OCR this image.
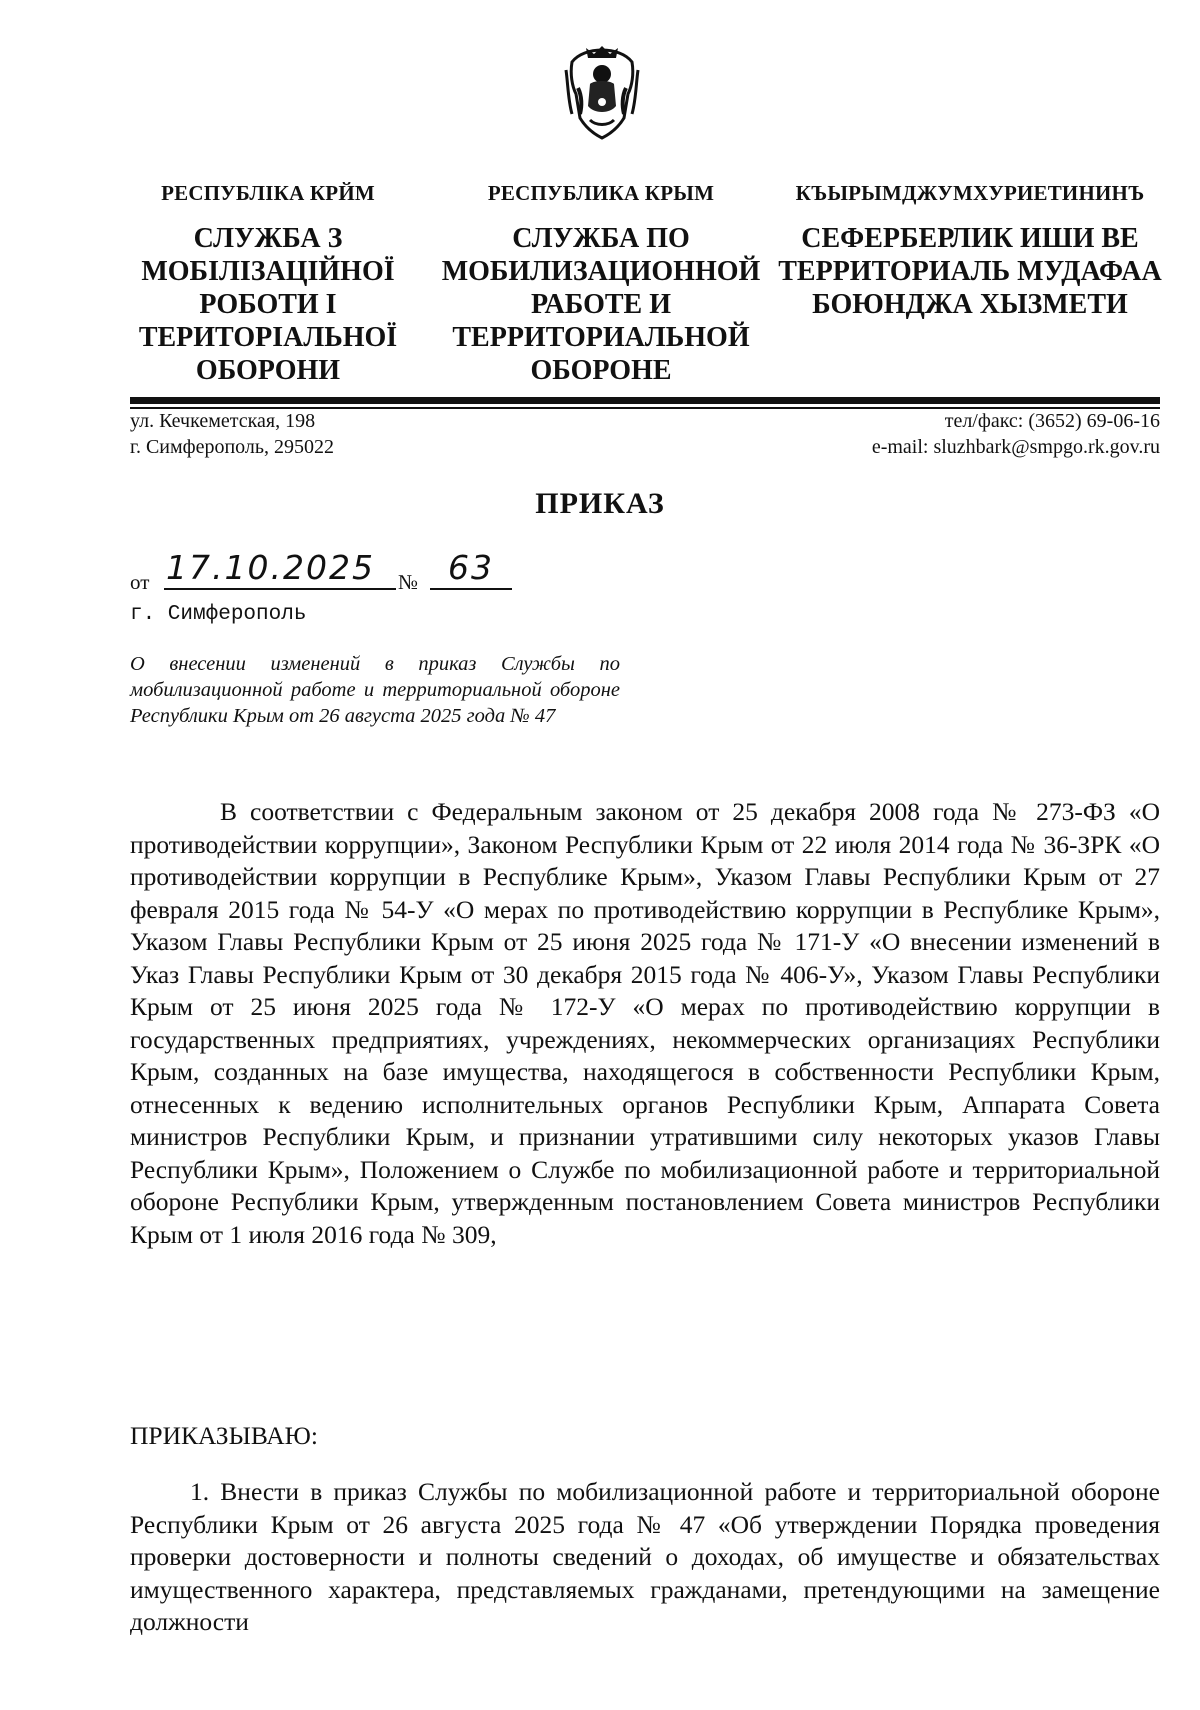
РЕСПУБЛІКА КРЙМ
СЛУЖБА З МОБІЛІЗАЦІЙНОЇ РОБОТИ І ТЕРИТОРІАЛЬНОЇ ОБОРОНИ
РЕСПУБЛИКА КРЫМ
СЛУЖБА ПО МОБИЛИЗАЦИОННОЙ РАБОТЕ И ТЕРРИТОРИАЛЬНОЙ ОБОРОНЕ
КЪЫРЫМДЖУМХУРИЕТИНИНЪ
СЕФЕРБЕРЛИК ИШИ ВЕ ТЕРРИТОРИАЛЬ МУДАФАА БОЮНДЖА ХЫЗМЕТИ
ул. Кечкеметская, 198
г. Симферополь, 295022
тел/факс: (3652) 69-06-16
e-mail: sluzhbark@smpgo.rk.gov.ru
ПРИКАЗ
от 17.10.2025 № 63
г. Симферополь
О внесении изменений в приказ Службы по мобилизационной работе и территориальной обороне Республики Крым от 26 августа 2025 года № 47
В соответствии с Федеральным законом от 25 декабря 2008 года № 273-ФЗ «О противодействии коррупции», Законом Республики Крым от 22 июля 2014 года № 36-ЗРК «О противодействии коррупции в Республике Крым», Указом Главы Республики Крым от 27 февраля 2015 года № 54-У «О мерах по противодействию коррупции в Республике Крым», Указом Главы Республики Крым от 25 июня 2025 года № 171-У «О внесении изменений в Указ Главы Республики Крым от 30 декабря 2015 года № 406-У», Указом Главы Республики Крым от 25 июня 2025 года № 172-У «О мерах по противодействию коррупции в государственных предприятиях, учреждениях, некоммерческих организациях Республики Крым, созданных на базе имущества, находящегося в собственности Республики Крым, отнесенных к ведению исполнительных органов Республики Крым, Аппарата Совета министров Республики Крым, и признании утратившими силу некоторых указов Главы Республики Крым», Положением о Службе по мобилизационной работе и территориальной обороне Республики Крым, утвержденным постановлением Совета министров Республики Крым от 1 июля 2016 года № 309,
ПРИКАЗЫВАЮ:
1. Внести в приказ Службы по мобилизационной работе и территориальной обороне Республики Крым от 26 августа 2025 года № 47 «Об утверждении Порядка проведения проверки достоверности и полноты сведений о доходах, об имуществе и обязательствах имущественного характера, представляемых гражданами, претендующими на замещение должности
